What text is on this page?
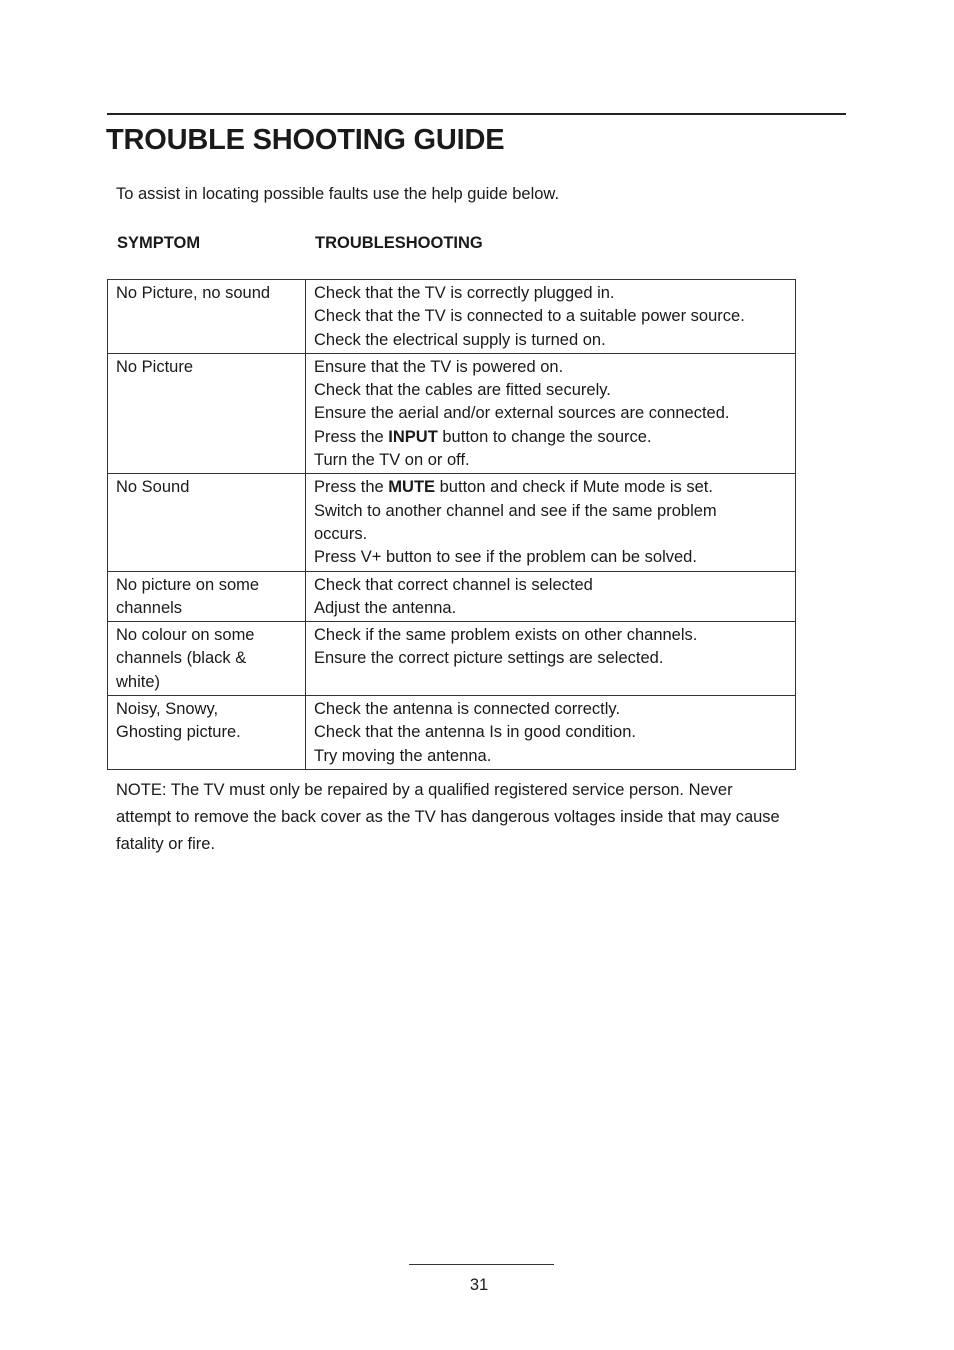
TROUBLE SHOOTING GUIDE
To assist in locating possible faults use the help guide below.
SYMPTOM	TROUBLESHOOTING
No Picture, no sound	Check that the TV is correctly plugged in.
Check that the TV is connected to a suitable power source.
Check the electrical supply is turned on.

No Picture	Ensure that the TV is powered on.
Check that the cables are fitted securely.
Ensure the aerial and/or external sources are connected.
Press the INPUT button to change the source.
Turn the TV on or off.

No Sound	Press the MUTE button and check if Mute mode is set.
Switch to another channel and see if the same problem
occurs.
Press V+ button to see if the problem can be solved.

No picture on some
channels	Check that correct channel is selected
Adjust the antenna.

No colour on some
channels (black &
white)	Check if the same problem exists on other channels.
Ensure the correct picture settings are selected.

Noisy, Snowy,
Ghosting picture.	Check the antenna is connected correctly.
Check that the antenna Is in good condition.
Try moving the antenna.
NOTE: The TV must only be repaired by a qualified registered service person. Never
attempt to remove the back cover as the TV has dangerous voltages inside that may cause
fatality or fire.
31
